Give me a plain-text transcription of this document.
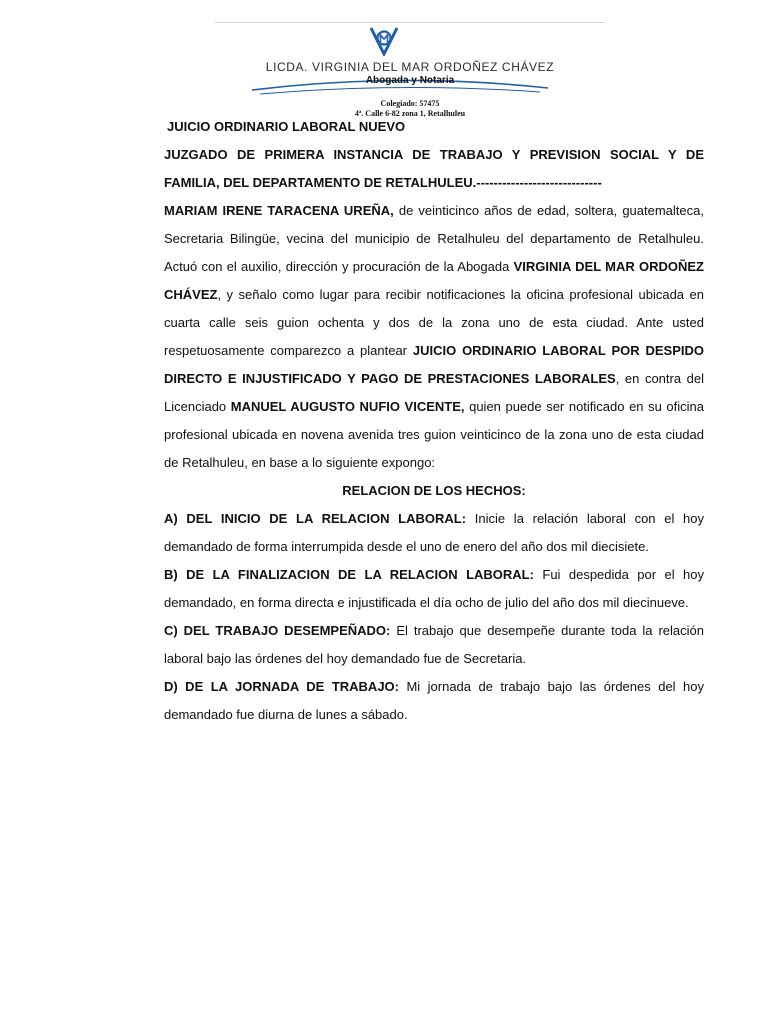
LICDA. VIRGINIA DEL MAR ORDOÑEZ CHÁVEZ
Abogada y Notaria
Colegiado: 57475
4ª. Calle 6-82 zona 1, Retalhuleu

JUICIO ORDINARIO LABORAL NUEVO

JUZGADO DE PRIMERA INSTANCIA DE TRABAJO Y PREVISION SOCIAL Y DE FAMILIA, DEL DEPARTAMENTO DE RETALHULEU.-----------------------------

MARIAM IRENE TARACENA UREÑA, de veinticinco años de edad, soltera, guatemalteca, Secretaria Bilingüe, vecina del municipio de Retalhuleu del departamento de Retalhuleu. Actuó con el auxilio, dirección y procuración de la Abogada VIRGINIA DEL MAR ORDOÑEZ CHÁVEZ, y señalo como lugar para recibir notificaciones la oficina profesional ubicada en cuarta calle seis guion ochenta y dos de la zona uno de esta ciudad. Ante usted respetuosamente comparezco a plantear JUICIO ORDINARIO LABORAL POR DESPIDO DIRECTO E INJUSTIFICADO Y PAGO DE PRESTACIONES LABORALES, en contra del Licenciado MANUEL AUGUSTO NUFIO VICENTE, quien puede ser notificado en su oficina profesional ubicada en novena avenida tres guion veinticinco de la zona uno de esta ciudad de Retalhuleu, en base a lo siguiente expongo:

RELACION DE LOS HECHOS:

A) DEL INICIO DE LA RELACION LABORAL: Inicie la relación laboral con el hoy demandado de forma interrumpida desde el uno de enero del año dos mil diecisiete.

B) DE LA FINALIZACION DE LA RELACION LABORAL: Fui despedida por el hoy demandado, en forma directa e injustificada el día ocho de julio del año dos mil diecinueve.

C) DEL TRABAJO DESEMPEÑADO: El trabajo que desempeñe durante toda la relación laboral bajo las órdenes del hoy demandado fue de Secretaria.

D) DE LA JORNADA DE TRABAJO: Mi jornada de trabajo bajo las órdenes del hoy demandado fue diurna de lunes a sábado.
